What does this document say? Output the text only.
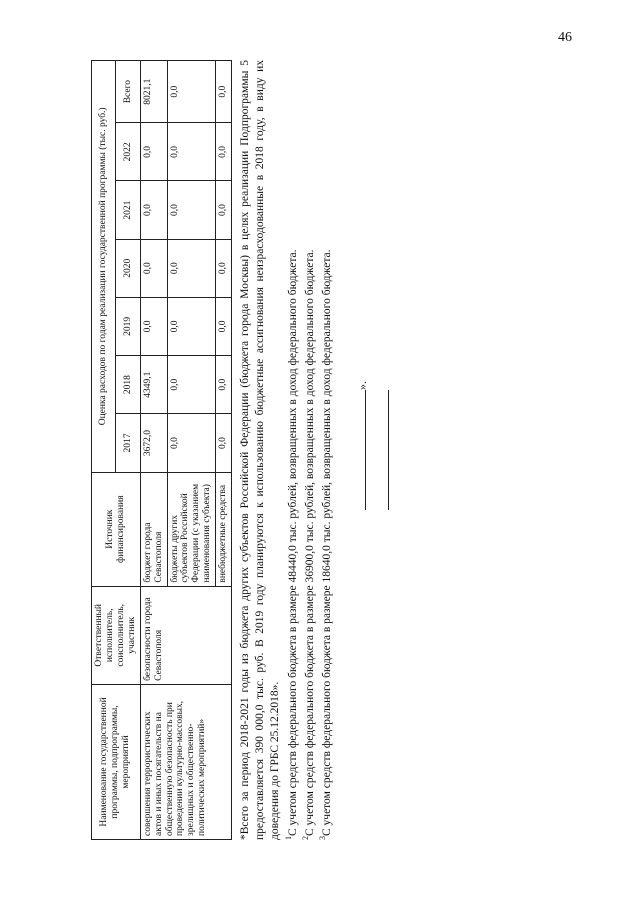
46
Наименование государственной программы, подпрограммы, мероприятий	Ответственный исполнитель, соисполнитель, участник	Источник финансирования	Оценка расходов по годам реализации государственной программы (тыс. руб.)						
			2017	2018	2019	2020	2021	2022	Всего
совершения террористических актов и иных посягательств на общественную безопасность при проведении культурно-массовых, зрелищных и общественно-политических мероприятий»	безопасности города Севастополя	бюджет города Севастополя	3672,0	4349,1	0,0	0,0	0,0	0,0	8021,1
		бюджеты других субъектов Российской Федерации (с указанием наименования субъекта)	0,0	0,0	0,0	0,0	0,0	0,0	0,0
		внебюджетные средства	0,0	0,0	0,0	0,0	0,0	0,0	0,0 *Всего за период 2018-2021 годы из бюджета других субъектов Российской Федерации (бюджета города Москвы) в целях реализации Подпрограммы 5 предоставляется 390 000,0 тыс. руб. В 2019 году планируются к использованию бюджетные ассигнования неизрасходованные в 2018 году, в виду их доведения до ГРБС 25.12.2018». $^1$С учетом средств федерального бюджета в размере 48440,0 тыс. рублей, возвращенных в доход федерального бюджета.

$^2$С учетом средств федерального бюджета в размере 36900,0 тыс. рублей, возвращенных в доход федерального бюджета.

$^3$С учетом средств федерального бюджета в размере 18640,0 тыс. рублей, возвращенных в доход федерального бюджета. ».
